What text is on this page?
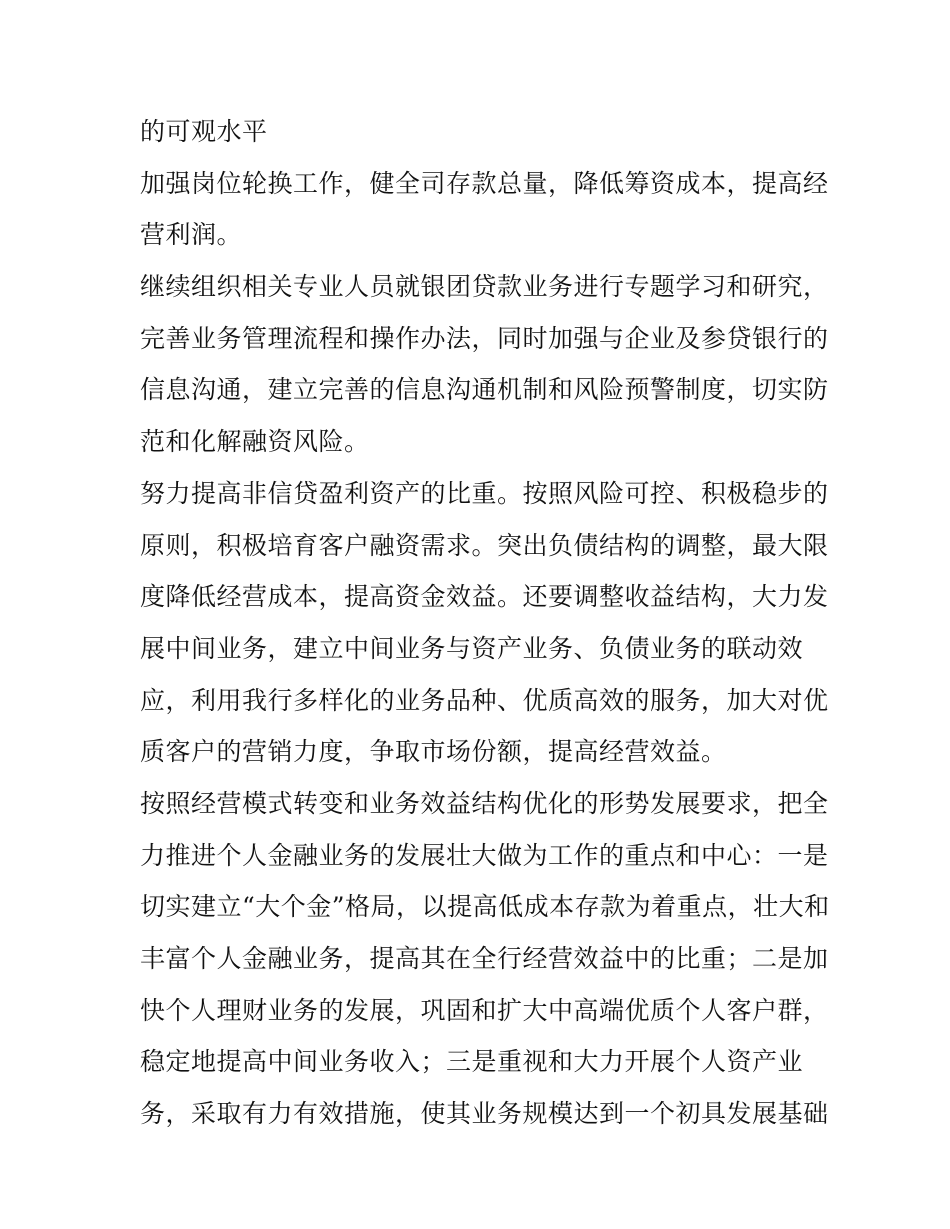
的可观水平
加强岗位轮换工作，健全司存款总量，降低筹资成本，提高经
营利润。
继续组织相关专业人员就银团贷款业务进行专题学习和研究，
完善业务管理流程和操作办法，同时加强与企业及参贷银行的
信息沟通，建立完善的信息沟通机制和风险预警制度，切实防
范和化解融资风险。
努力提高非信贷盈利资产的比重。按照风险可控、积极稳步的
原则，积极培育客户融资需求。突出负债结构的调整，最大限
度降低经营成本，提高资金效益。还要调整收益结构，大力发
展中间业务，建立中间业务与资产业务、负债业务的联动效
应，利用我行多样化的业务品种、优质高效的服务，加大对优
质客户的营销力度，争取市场份额，提高经营效益。
按照经营模式转变和业务效益结构优化的形势发展要求，把全
力推进个人金融业务的发展壮大做为工作的重点和中心：一是
切实建立“大个金”格局，以提高低成本存款为着重点，壮大和
丰富个人金融业务，提高其在全行经营效益中的比重；二是加
快个人理财业务的发展，巩固和扩大中高端优质个人客户群，
稳定地提高中间业务收入；三是重视和大力开展个人资产业
务，采取有力有效措施，使其业务规模达到一个初具发展基础
